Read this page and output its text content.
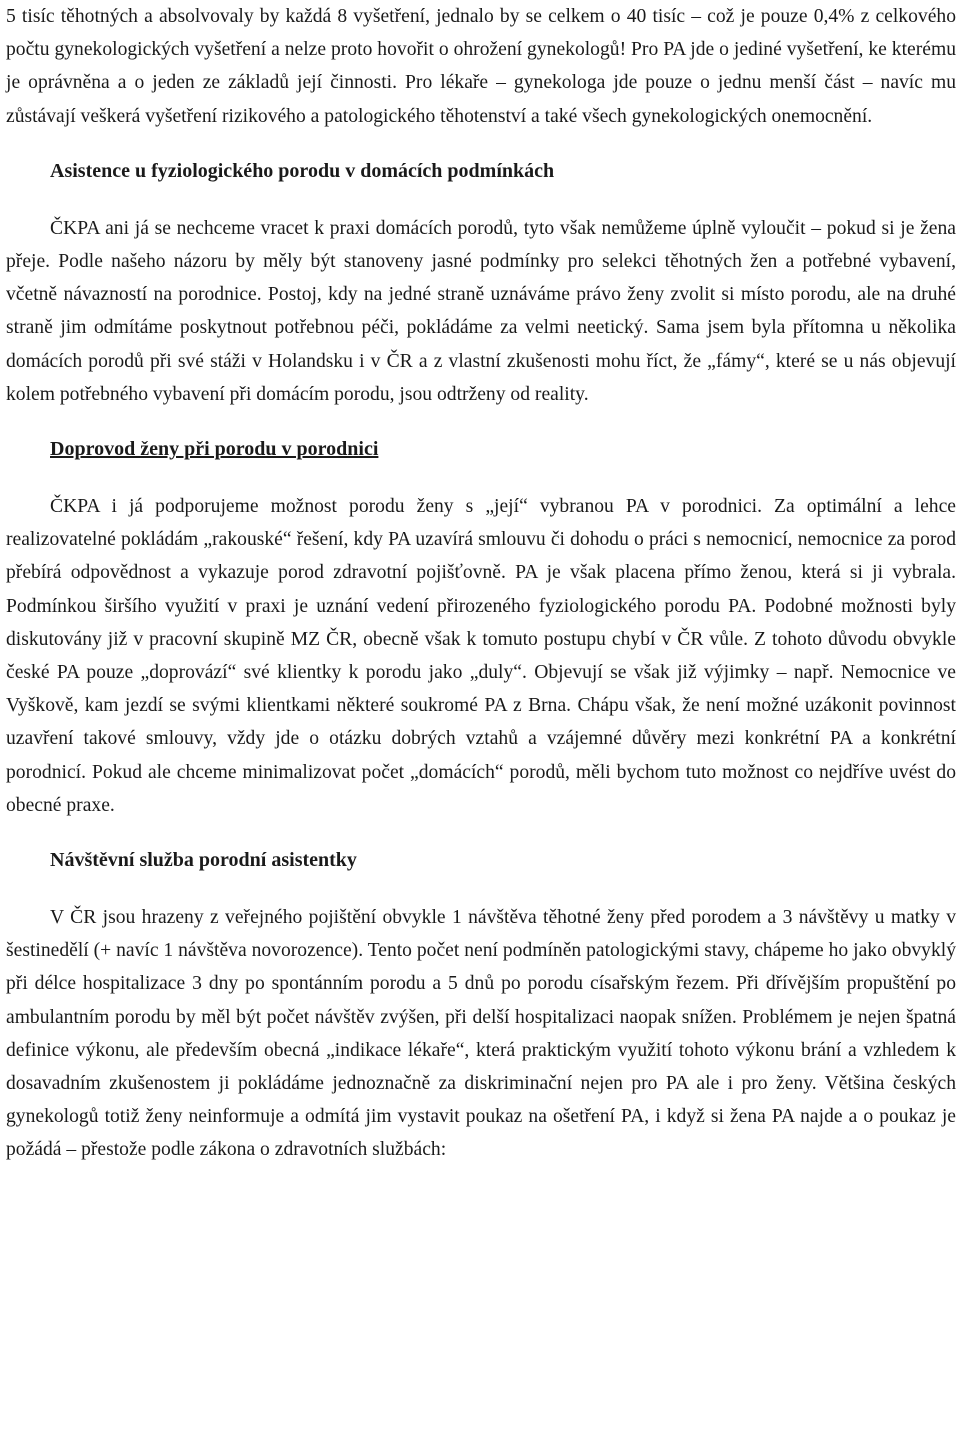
5 tisíc těhotných a absolvovaly by každá 8 vyšetření, jednalo by se celkem o 40 tisíc – což je pouze 0,4% z celkového počtu gynekologických vyšetření a nelze proto hovořit o ohrožení gynekologů! Pro PA jde o jediné vyšetření, ke kterému je oprávněna a o jeden ze základů její činnosti. Pro lékaře – gynekologa jde pouze o jednu menší část – navíc mu zůstávají veškerá vyšetření rizikového a patologického těhotenství a také všech gynekologických onemocnění.

Asistence u fyziologického porodu v domácích podmínkách

ČKPA ani já se nechceme vracet k praxi domácích porodů, tyto však nemůžeme úplně vyloučit – pokud si je žena přeje. Podle našeho názoru by měly být stanoveny jasné podmínky pro selekci těhotných žen a potřebné vybavení, včetně návazností na porodnice. Postoj, kdy na jedné straně uznáváme právo ženy zvolit si místo porodu, ale na druhé straně jim odmítáme poskytnout potřebnou péči, pokládáme za velmi neetický. Sama jsem byla přítomna u několika domácích porodů při své stáži v Holandsku i v ČR a z vlastní zkušenosti mohu říct, že „fámy“, které se u nás objevují kolem potřebného vybavení při domácím porodu, jsou odtrženy od reality.

Doprovod ženy při porodu v porodnici

ČKPA i já podporujeme možnost porodu ženy s „její“ vybranou PA v porodnici. Za optimální a lehce realizovatelné pokládám „rakouské“ řešení, kdy PA uzavírá smlouvu či dohodu o práci s nemocnicí, nemocnice za porod přebírá odpovědnost a vykazuje porod zdravotní pojišťovně. PA je však placena přímo ženou, která si ji vybrala. Podmínkou širšího využití v praxi je uznání vedení přirozeného fyziologického porodu PA. Podobné možnosti byly diskutovány již v pracovní skupině MZ ČR, obecně však k tomuto postupu chybí v ČR vůle. Z tohoto důvodu obvykle české PA pouze „doprovází“ své klientky k porodu jako „duly“. Objevují se však již výjimky – např. Nemocnice ve Vyškově, kam jezdí se svými klientkami některé soukromé PA z Brna. Chápu však, že není možné uzákonit povinnost uzavření takové smlouvy, vždy jde o otázku dobrých vztahů a vzájemné důvěry mezi konkrétní PA a konkrétní porodnicí. Pokud ale chceme minimalizovat počet „domácích“ porodů, měli bychom tuto možnost co nejdříve uvést do obecné praxe.

Návštěvní služba porodní asistentky

V ČR jsou hrazeny z veřejného pojištění obvykle 1 návštěva těhotné ženy před porodem a 3 návštěvy u matky v šestinedělí (+ navíc 1 návštěva novorozence). Tento počet není podmíněn patologickými stavy, chápeme ho jako obvyklý při délce hospitalizace 3 dny po spontánním porodu a 5 dnů po porodu císařským řezem. Při dřívějším propuštění po ambulantním porodu by měl být počet návštěv zvýšen, při delší hospitalizaci naopak snížen. Problémem je nejen špatná definice výkonu, ale především obecná „indikace lékaře“, která praktickým využití tohoto výkonu brání a vzhledem k dosavadním zkušenostem ji pokládáme jednoznačně za diskriminační nejen pro PA ale i pro ženy. Většina českých gynekologů totiž ženy neinformuje a odmítá jim vystavit poukaz na ošetření PA, i když si žena PA najde a o poukaz je požádá – přestože podle zákona o zdravotních službách:
